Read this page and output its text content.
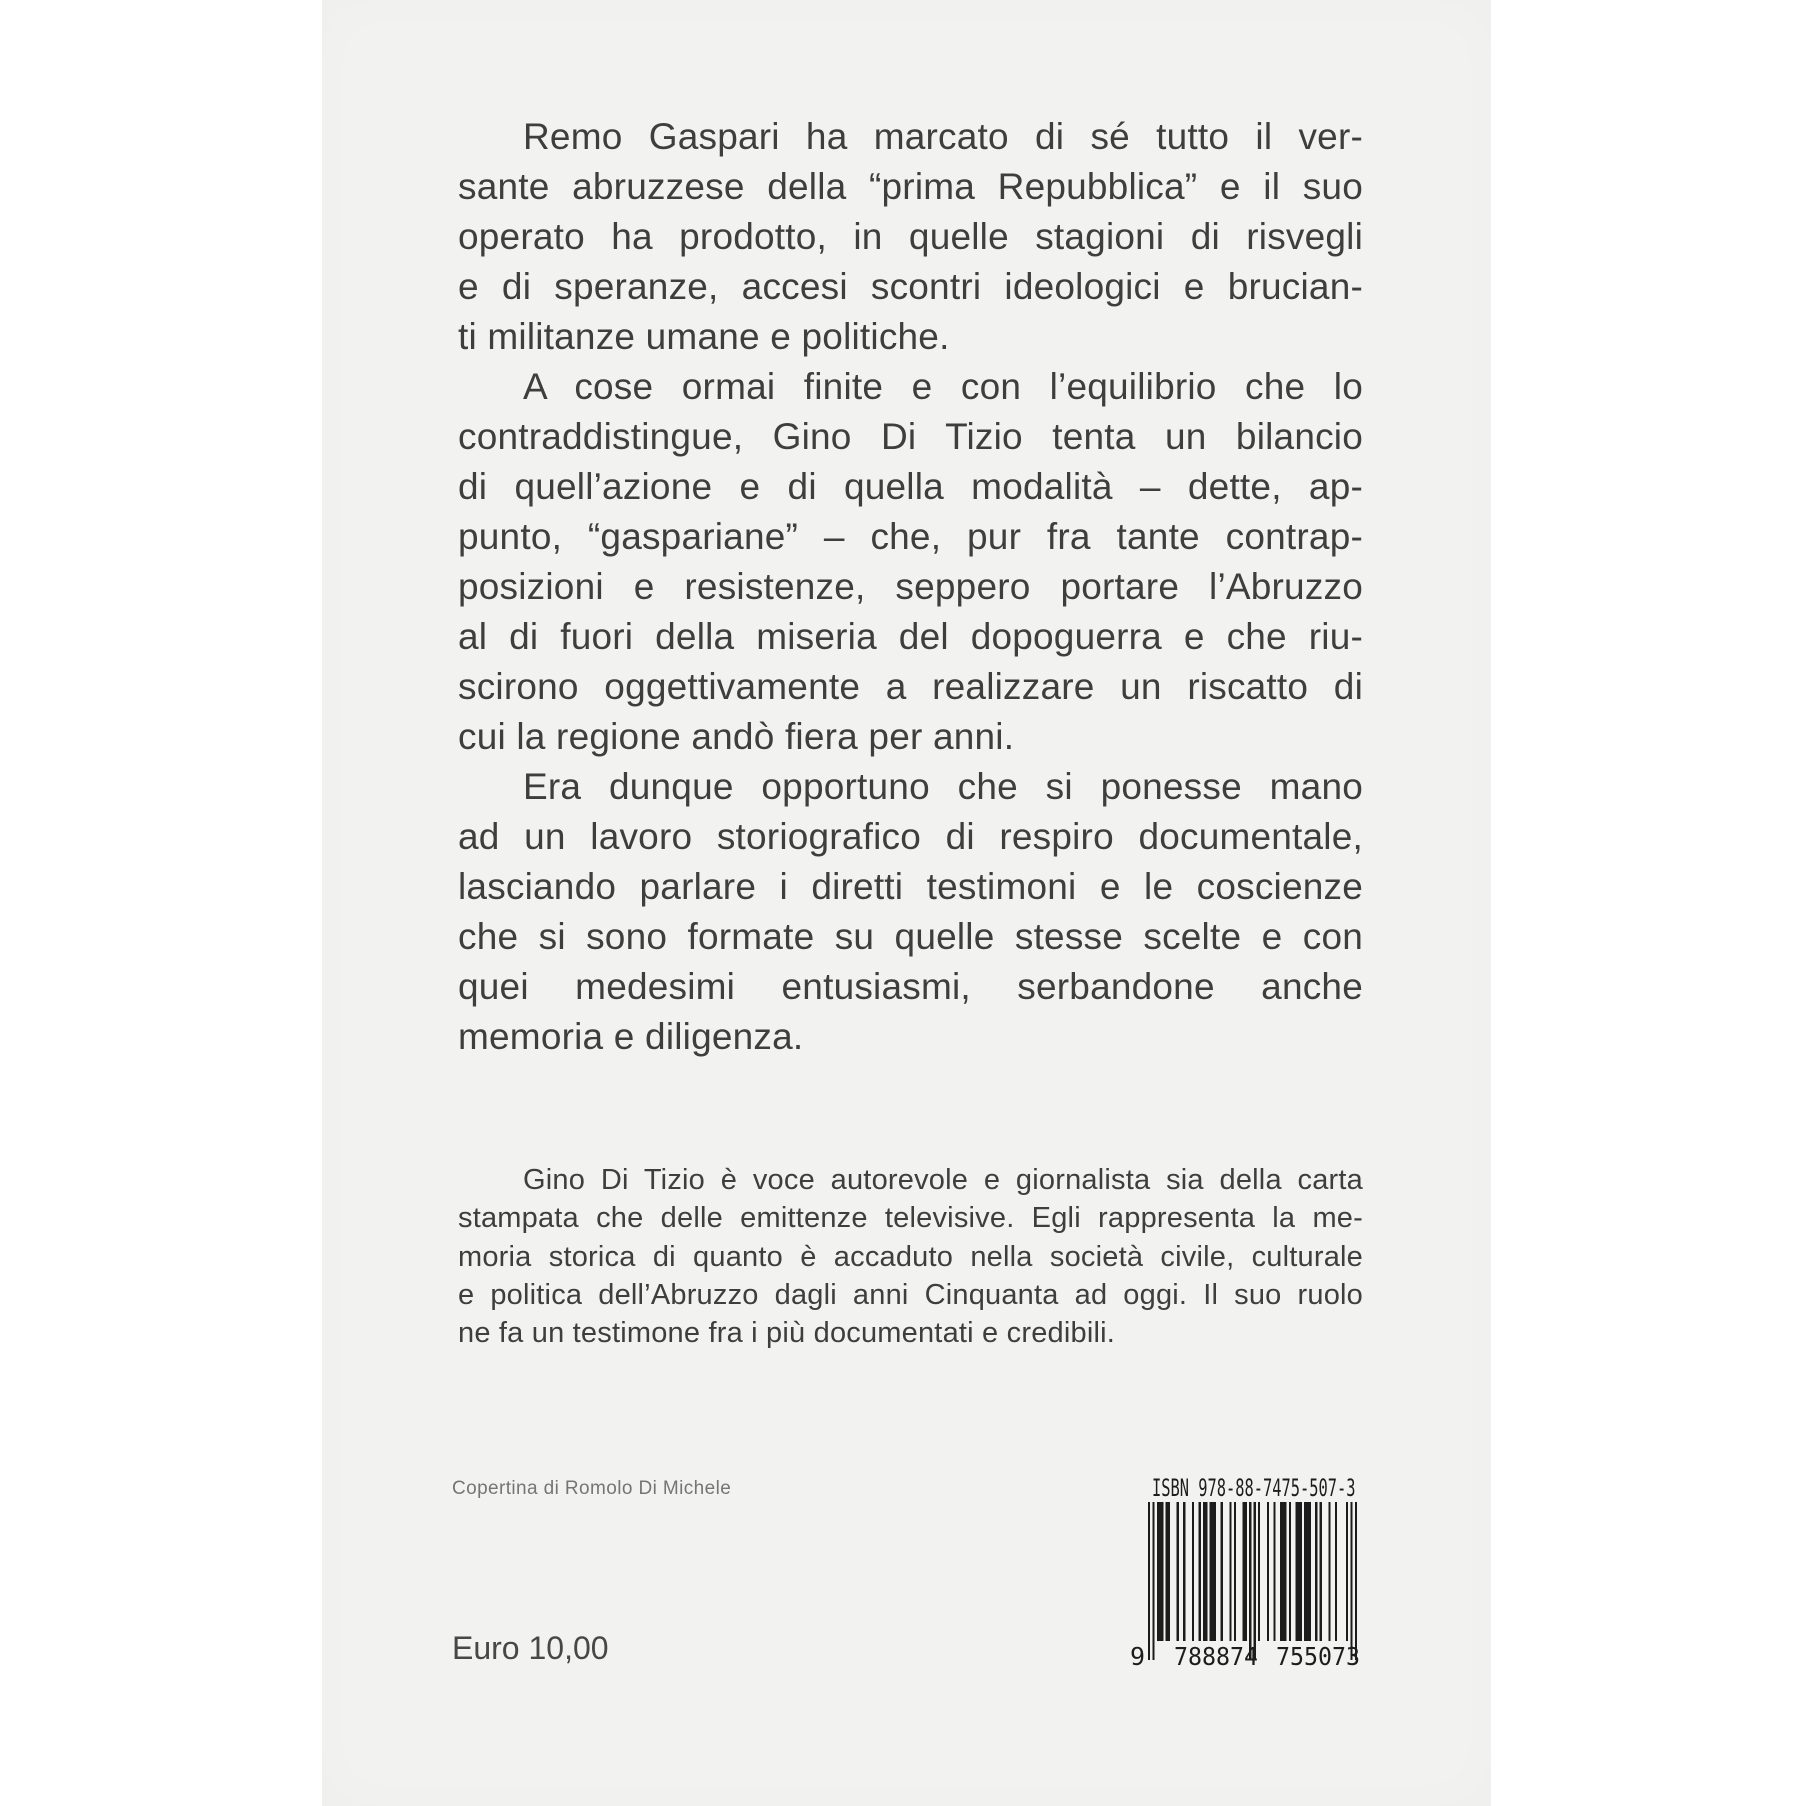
Remo Gaspari ha marcato di sé tutto il ver-
sante abruzzese della “prima Repubblica” e il suo
operato ha prodotto, in quelle stagioni di risvegli
e di speranze, accesi scontri ideologici e brucian-
ti militanze umane e politiche.
A cose ormai finite e con l’equilibrio che lo
contraddistingue, Gino Di Tizio tenta un bilancio
di quell’azione e di quella modalità – dette, ap-
punto, “gaspariane” – che, pur fra tante contrap-
posizioni e resistenze, seppero portare l’Abruzzo
al di fuori della miseria del dopoguerra e che riu-
scirono oggettivamente a realizzare un riscatto di
cui la regione andò fiera per anni.
Era dunque opportuno che si ponesse mano
ad un lavoro storiografico di respiro documentale,
lasciando parlare i diretti testimoni e le coscienze
che si sono formate su quelle stesse scelte e con
quei medesimi entusiasmi, serbandone anche
memoria e diligenza.
Gino Di Tizio è voce autorevole e giornalista sia della carta
stampata che delle emittenze televisive. Egli rappresenta la me-
moria storica di quanto è accaduto nella società civile, culturale
e politica dell’Abruzzo dagli anni Cinquanta ad oggi. Il suo ruolo
ne fa un testimone fra i più documentati e credibili.
Copertina di Romolo Di Michele
Euro 10,00
ISBN 978-88-7475-507-3
9 788874 755073
